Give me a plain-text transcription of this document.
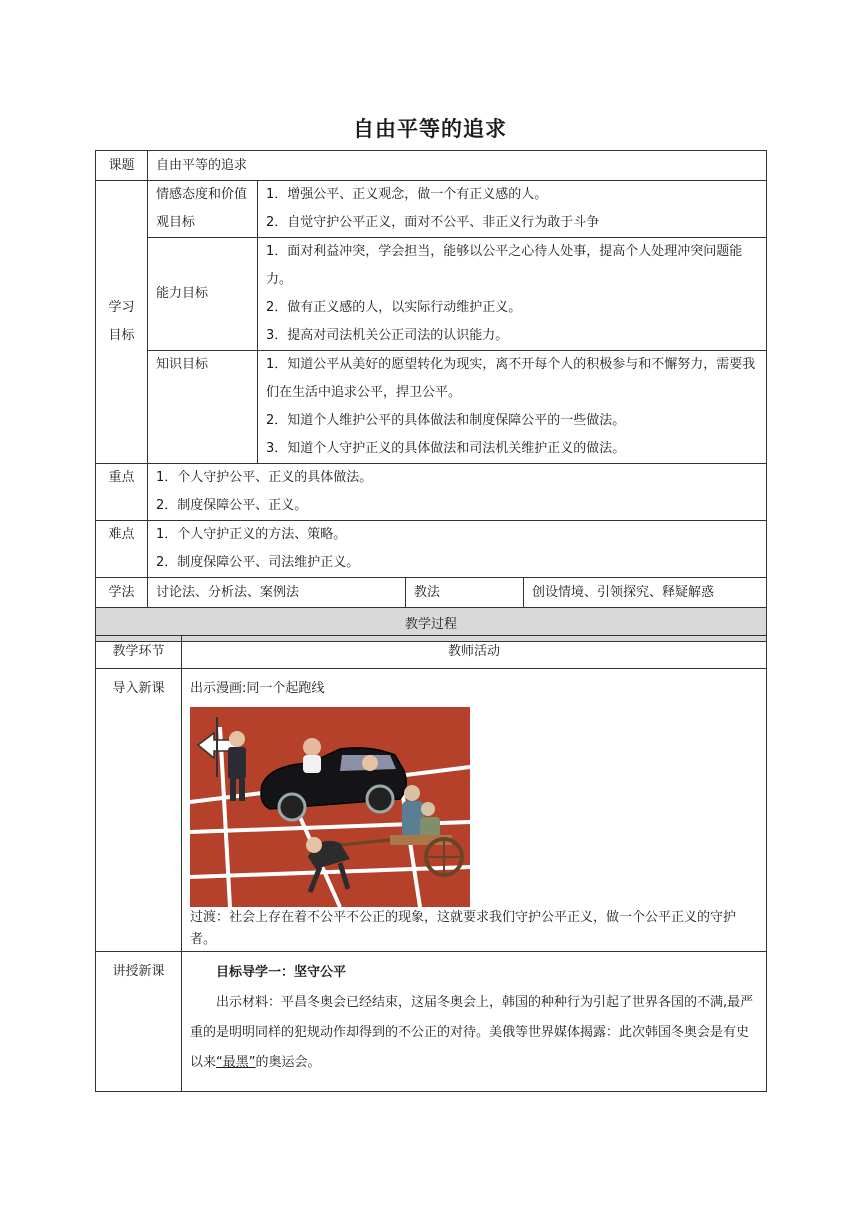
自由平等的追求
课题	自由平等的追求			
学习目标	情感态度和价值观目标	1．增强公平、正义观念，做一个有正义感的人。
2．自觉守护公平正义，面对不公平、非正义行为敢于斗争		

	能力目标	1．面对利益冲突，学会担当，能够以公平之心待人处事，提高个人处理冲突问题能力。
2．做有正义感的人，以实际行动维护正义。
3．提高对司法机关公正司法的认识能力。		

	知识目标	1．知道公平从美好的愿望转化为现实，离不开每个人的积极参与和不懈努力，需要我们在生活中追求公平，捍卫公平。
2．知道个人维护公平的具体做法和制度保障公平的一些做法。
3．知道个人守护正义的具体做法和司法机关维护正义的做法。		

重点	1．个人守护公平、正义的具体做法。
2．制度保障公平、正义。			

难点	1．个人守护正义的方法、策略。
2．制度保障公平、司法维护正义。			

学法	讨论法、分析法、案例法		教法	创设情境、引领探究、释疑解惑
教学过程				
教学环节	教师活动
导入新课	出示漫画:同一个起跑线
过渡：社会上存在着不公平不公正的现象，这就要求我们守护公平正义，做一个公平正义的守护者。

讲授新课	目标导学一：坚守公平
出示材料：平昌冬奥会已经结束，这届冬奥会上，韩国的种种行为引起了世界各国的不满,最严重的是明明同样的犯规动作却得到的不公正的对待。美俄等世界媒体揭露：此次韩国冬奥会是有史以来“最黑”的奥运会。
